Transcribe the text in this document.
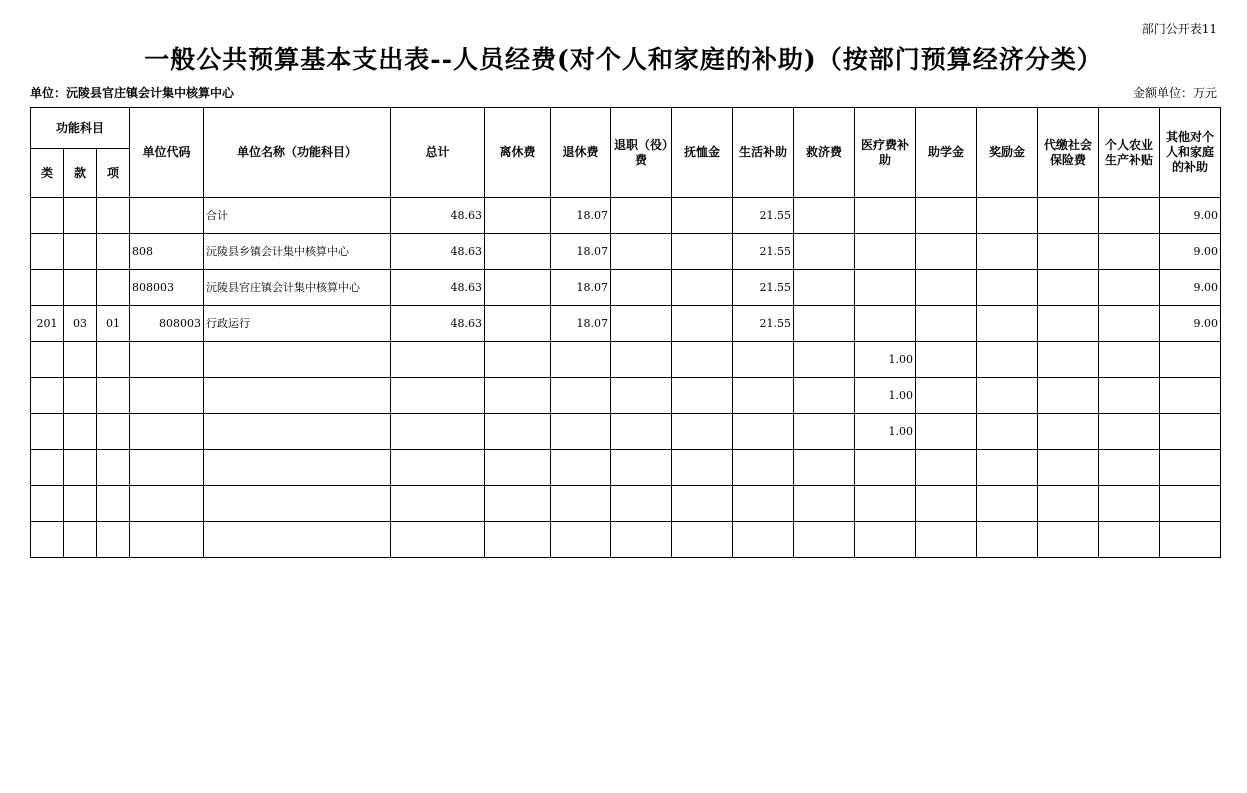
部门公开表11
一般公共预算基本支出表--人员经费(对个人和家庭的补助)（按部门预算经济分类）
单位：沅陵县官庄镇会计集中核算中心	金额单位：万元
功能科目			单位代码	单位名称（功能科目）	总计	离休费	退休费	退职（役）费	抚恤金	生活补助	救济费	医疗费补助	助学金	奖励金	代缴社会保险费	个人农业生产补贴	其他对个人和家庭的补助
类	款	项															
				合计	48.63		18.07			21.55							9.00
			808	沅陵县乡镇会计集中核算中心	48.63		18.07			21.55							9.00
			808003	沅陵县官庄镇会计集中核算中心	48.63		18.07			21.55							9.00
201	03	01	808003	行政运行	48.63		18.07			21.55							9.00
												1.00					
												1.00					
												1.00					
